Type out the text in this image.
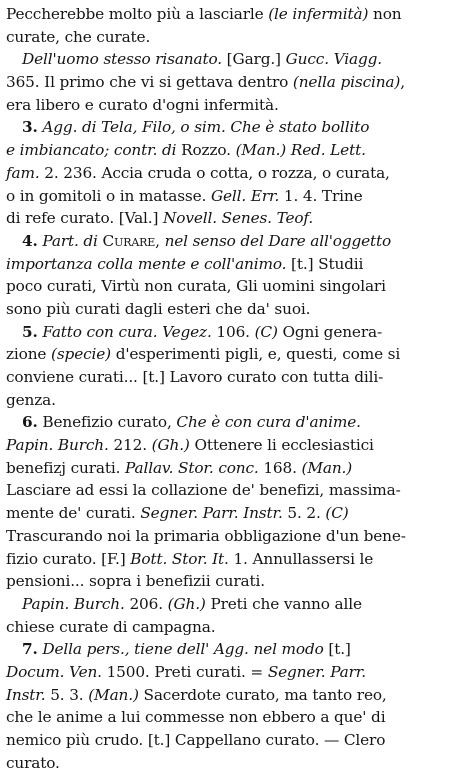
Peccherebbe molto più a lasciarle (le infermità) non
curate, che curate.
Dell'uomo stesso risanato. [Garg.] Gucc. Viagg.
365. Il primo che vi si gettava dentro (nella piscina),
era libero e curato d'ogni infermità.
3. Agg. di Tela, Filo, o sim. Che è stato bollito
e imbiancato; contr. di Rozzo. (Man.) Red. Lett.
fam. 2. 236. Accia cruda o cotta, o rozza, o curata,
o in gomitoli o in matasse. Gell. Err. 1. 4. Trine
di refe curato. [Val.] Novell. Senes. Teof.
4. Part. di Curare, nel senso del Dare all'oggetto
importanza colla mente e coll'animo. [t.] Studii
poco curati, Virtù non curata, Gli uomini singolari
sono più curati dagli esteri che da' suoi.
5. Fatto con cura. Vegez. 106. (C) Ogni genera-
zione (specie) d'esperimenti pigli, e, questi, come si
conviene curati... [t.] Lavoro curato con tutta dili-
genza.
6. Benefizio curato, Che è con cura d'anime.
Papin. Burch. 212. (Gh.) Ottenere li ecclesiastici
benefizj curati. Pallav. Stor. conc. 168. (Man.)
Lasciare ad essi la collazione de' benefizi, massima-
mente de' curati. Segner. Parr. Instr. 5. 2. (C)
Trascurando noi la primaria obbligazione d'un bene-
fizio curato. [F.] Bott. Stor. It. 1. Annullassersi le
pensioni... sopra i benefizii curati.
Papin. Burch. 206. (Gh.) Preti che vanno alle
chiese curate di campagna.
7. Della pers., tiene dell' Agg. nel modo [t.]
Docum. Ven. 1500. Preti curati. = Segner. Parr.
Instr. 5. 3. (Man.) Sacerdote curato, ma tanto reo,
che le anime a lui commesse non ebbero a que' di
nemico più crudo. [t.] Cappellano curato. — Clero
curato.
